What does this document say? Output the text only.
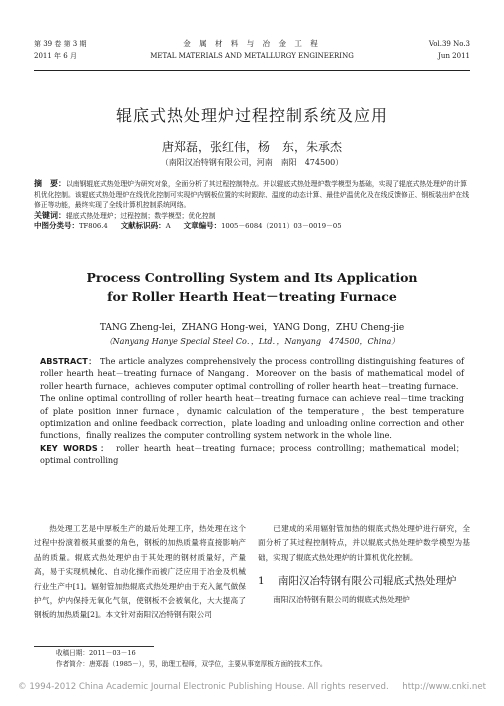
第 39 卷 第 3 期
2011 年 6 月
金 属 材 料 与 冶 金 工 程
METAL MATERIALS AND METALLURGY ENGINEERING
Vol.39 No.3
Jun 2011
辊底式热处理炉过程控制系统及应用
唐郑磊，张红伟，杨　东，朱承杰
（南阳汉冶特钢有限公司，河南　南阳　474500）

摘　要：以南钢辊底式热处理炉为研究对象，全面分析了其过程控制特点。并以辊底式热处理炉数学模型为基础，实现了辊底式热处理炉的计算机优化控制。该辊底式热处理炉在线优化控制可实现炉内钢板位置的实时跟踪、温度的动态计算、最佳炉温优化及在线反馈修正、钢板装出炉在线修正等功能，最终实现了全线计算机控制系统网络。

关键词：辊底式热处理炉；过程控制；数学模型；优化控制

中图分类号：TF806.4 文献标识码：A 文章编号：1005－6084（2011）03－0019－05

Process Controlling System and Its Application
for Roller Hearth Heat－treating Furnace
TANG Zheng-lei，ZHANG Hong-wei，YANG Dong，ZHU Cheng-jie
（Nanyang Hanye Special Steel Co．，Ltd．，Nanyang　474500，China）
ABSTRACT： The article analyzes comprehensively the process controlling distinguishing features of roller hearth heat－treating furnace of Nangang．Moreover on the basis of mathematical model of roller hearth furnace，achieves computer optimal controlling of roller hearth heat－treating furnace．The online optimal controlling of roller hearth heat－treating furnace can achieve real－time tracking of plate position inner furnace，dynamic calculation of the temperature，the best temperature optimization and online feedback correction，plate loading and unloading online correction and other functions，finally realizes the computer controlling system network in the whole line．
KEY WORDS： roller hearth heat－treating furnace；process controlling；mathematical model；optimal controlling

热处理工艺是中厚板生产的最后处理工序，热处理在这个过程中扮演着极其重要的角色，钢板的加热质量将直接影响产品的质量。辊底式热处理炉由于其处理的钢材质量好，产量高，易于实现机械化、自动化操作而被广泛应用于冶金及机械行业生产中[1]。辐射管加热辊底式热处理炉由于充入氮气做保护气，炉内保持无氧化气氛，使钢板不会被氧化，大大提高了钢板的加热质量[2]。本文针对南阳汉冶特钢有限公司

已建成的采用辐射管加热的辊底式热处理炉进行研究，全面分析了其过程控制特点，并以辊底式热处理炉数学模型为基础，实现了辊底式热处理炉的计算机优化控制。

1 南阳汉冶特钢有限公司辊底式热处理炉

南阳汉冶特钢有限公司的辊底式热处理炉

收稿日期：2011－03－16
作者简介：唐郑磊（1985－），男，助理工程师，双学位，主要从事宽厚板方面的技术工作。
© 1994-2012 China Academic Journal Electronic Publishing House. All rights reserved. http://www.cnki.net
